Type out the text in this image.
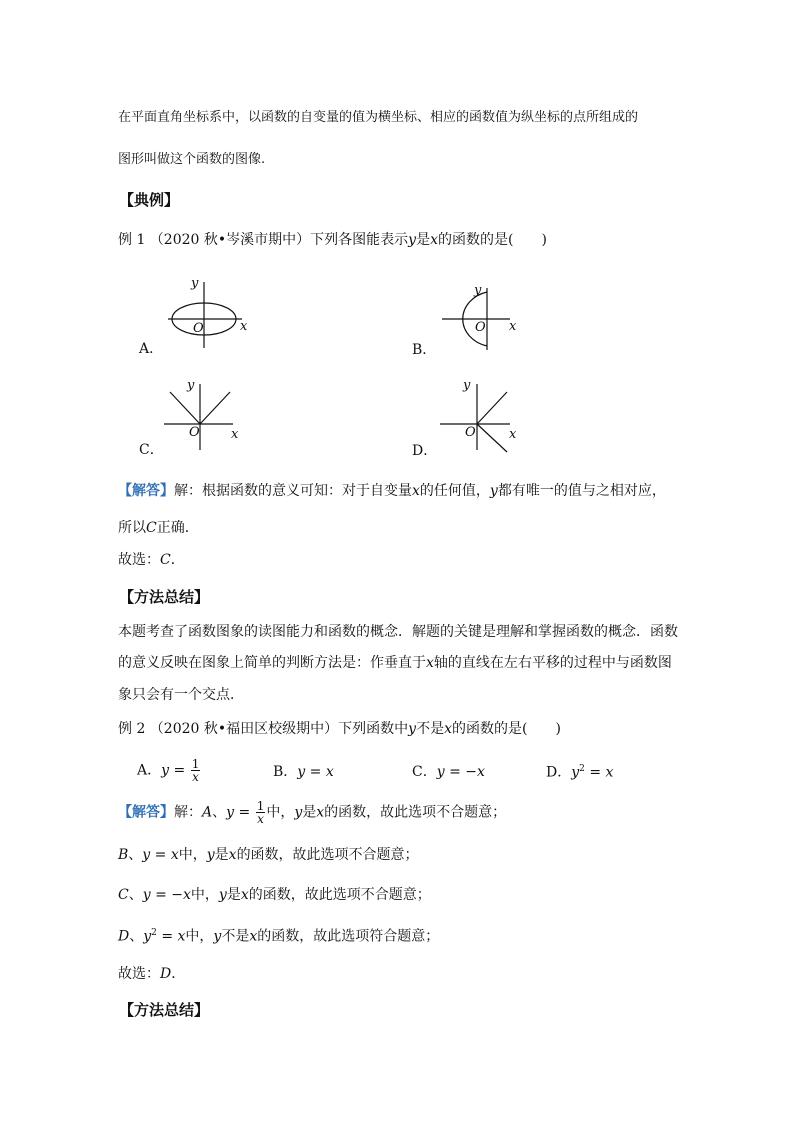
在平面直角坐标系中，以函数的自变量的值为横坐标、相应的函数值为纵坐标的点所组成的
图形叫做这个函数的图像.
【典例】
例 1 （2020 秋•岑溪市期中）下列各图能表示y是x的函数的是(　　)
y
O	x
A．
y
O x
B．
y
O x
C．
y
O	x
D．
【解答】解：根据函数的意义可知：对于自变量x的任何值，y都有唯一的值与之相对应，
所以C正确．
故选：C．
【方法总结】
本题考查了函数图象的读图能力和函数的概念．解题的关键是理解和掌握函数的概念．函数
的意义反映在图象上简单的判断方法是：作垂直于x轴的直线在左右平移的过程中与函数图
象只会有一个交点．
例 2 （2020 秋•福田区校级期中）下列函数中y不是x的函数的是(　　)
A．$y = \frac{1}{x}$	B．y = x	C．y = −x	D．$y^2 = x$
【解答】解：A、$y = \frac{1}{x}$ 中，y是x的函数，故此选项不合题意；
B、y = x中，y是x的函数，故此选项不合题意；
C、y = −x中，y是x的函数，故此选项不合题意；
D、$y^2 = x$中，y不是x的函数，故此选项符合题意；
故选：D．
【方法总结】
